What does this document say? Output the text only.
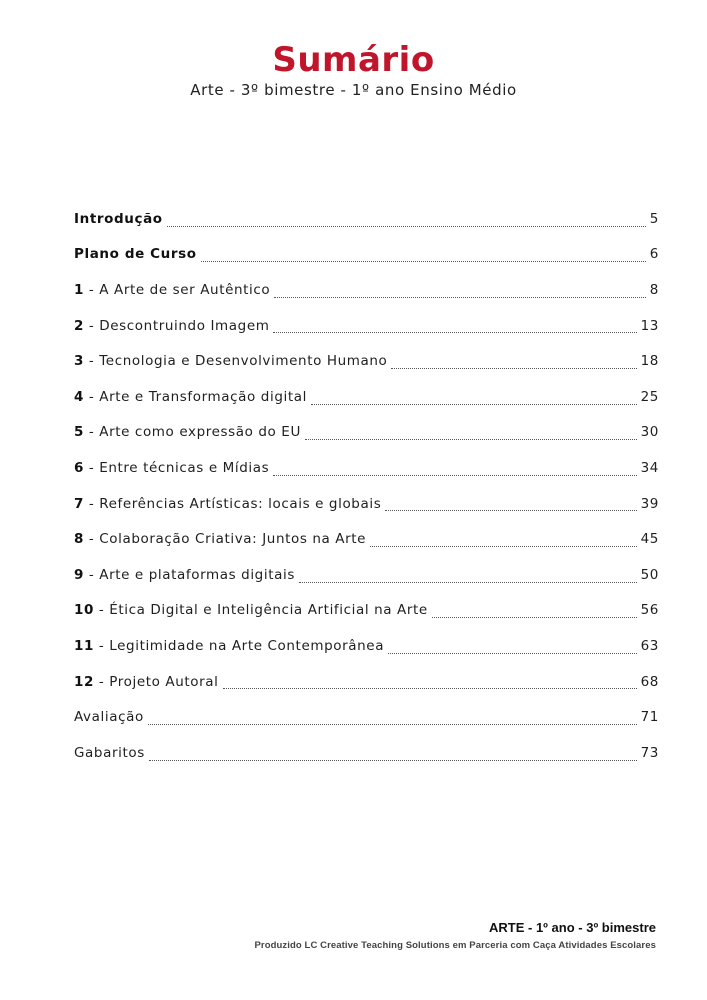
Sumário
Arte - 3º bimestre - 1º ano Ensino Médio
Introdução	5
Plano de Curso	6
1 - A Arte de ser Autêntico	8
2 - Descontruindo Imagem	13
3 - Tecnologia e Desenvolvimento Humano	18
4 - Arte e Transformação digital	25
5 - Arte como expressão do EU	30
6 - Entre técnicas e Mídias	34
7 - Referências Artísticas: locais e globais	39
8 - Colaboração Criativa: Juntos na Arte	45
9 - Arte e plataformas digitais	50
10 - Ética Digital e Inteligência Artificial na Arte	56
11 - Legitimidade na Arte Contemporânea	63
12 - Projeto Autoral	68
Avaliação	71
Gabaritos	73
ARTE - 1º ano - 3º bimestre
Produzido LC Creative Teaching Solutions em Parceria com Caça Atividades Escolares
